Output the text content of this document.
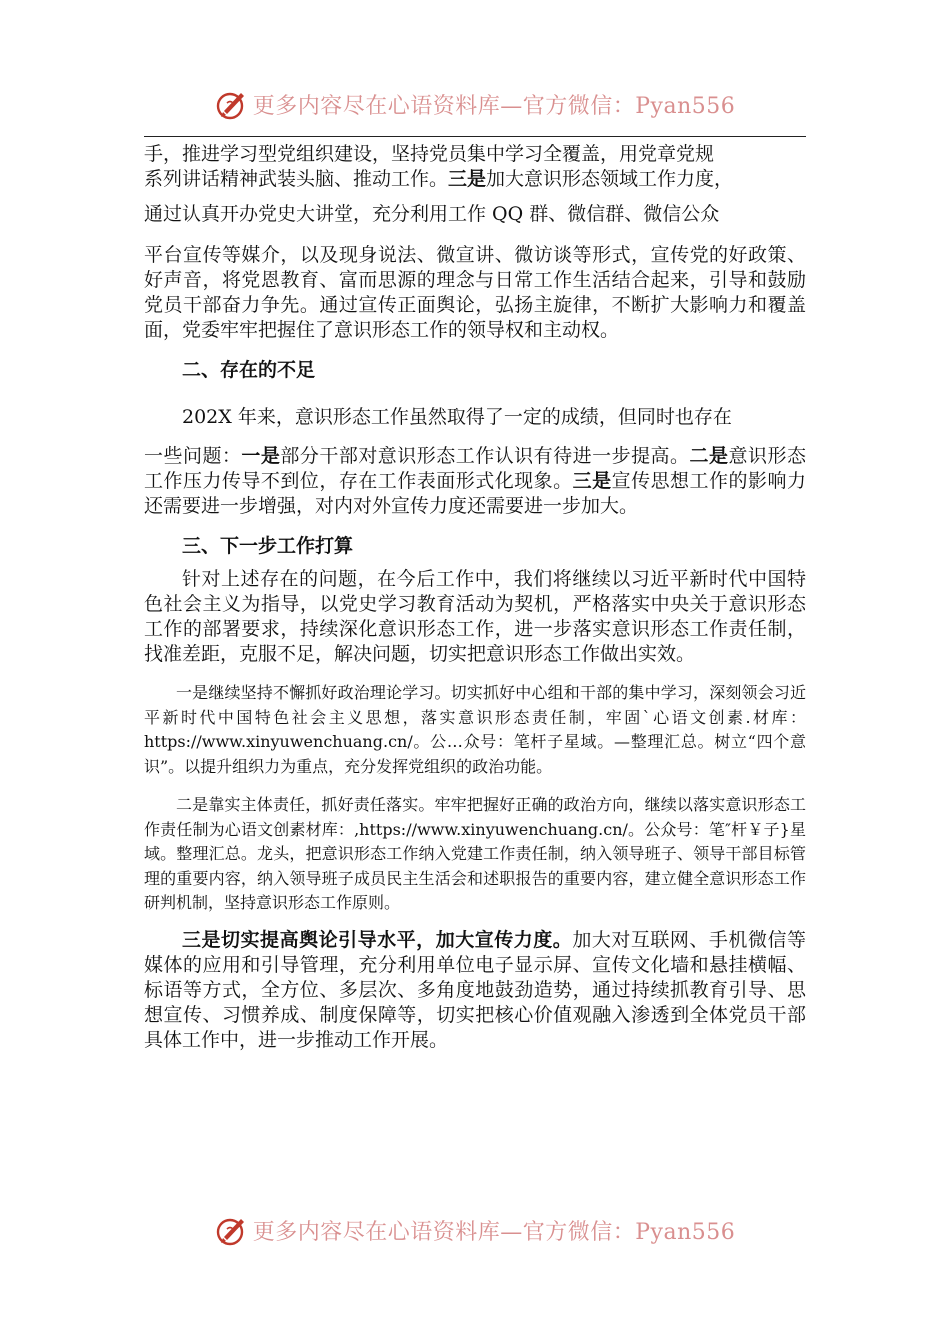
更多内容尽在心语资料库—官方微信：Pyan556

手，推进学习型党组织建设，坚持党员集中学习全覆盖，用党章党规

系列讲话精神武装头脑、推动工作。三是加大意识形态领域工作力度，

通过认真开办党史大讲堂，充分利用工作 QQ 群、微信群、微信公众

平台宣传等媒介，以及现身说法、微宣讲、微访谈等形式，宣传党的好政策、好声音，将党恩教育、富而思源的理念与日常工作生活结合起来，引导和鼓励党员干部奋力争先。通过宣传正面舆论，弘扬主旋律，不断扩大影响力和覆盖面，党委牢牢把握住了意识形态工作的领导权和主动权。

二、存在的不足

202X 年来，意识形态工作虽然取得了一定的成绩，但同时也存在

一些问题：一是部分干部对意识形态工作认识有待进一步提高。二是意识形态工作压力传导不到位，存在工作表面形式化现象。三是宣传思想工作的影响力还需要进一步增强，对内对外宣传力度还需要进一步加大。

三、下一步工作打算

针对上述存在的问题，在今后工作中，我们将继续以习近平新时代中国特色社会主义为指导，以党史学习教育活动为契机，严格落实中央关于意识形态工作的部署要求，持续深化意识形态工作，进一步落实意识形态工作责任制，找准差距，克服不足，解决问题，切实把意识形态工作做出实效。

一是继续坚持不懈抓好政治理论学习。切实抓好中心组和干部的集中学习，深刻领会习近平新时代中国特色社会主义思想，落实意识形态责任制，牢固`心语文创素.材库：https://www.xinyuwenchuang.cn/。公…众号：笔杆子星域。—整理汇总。树立“四个意识”。以提升组织力为重点，充分发挥党组织的政治功能。

二是靠实主体责任，抓好责任落实。牢牢把握好正确的政治方向，继续以落实意识形态工作责任制为心语文创素材库：,https://www.xinyuwenchuang.cn/。公众号：笔″杆￥子}星域。整理汇总。龙头，把意识形态工作纳入党建工作责任制，纳入领导班子、领导干部目标管理的重要内容，纳入领导班子成员民主生活会和述职报告的重要内容，建立健全意识形态工作研判机制，坚持意识形态工作原则。

三是切实提高舆论引导水平，加大宣传力度。加大对互联网、手机微信等媒体的应用和引导管理，充分利用单位电子显示屏、宣传文化墙和悬挂横幅、标语等方式，全方位、多层次、多角度地鼓劲造势，通过持续抓教育引导、思想宣传、习惯养成、制度保障等，切实把核心价值观融入渗透到全体党员干部具体工作中，进一步推动工作开展。

更多内容尽在心语资料库—官方微信：Pyan556
